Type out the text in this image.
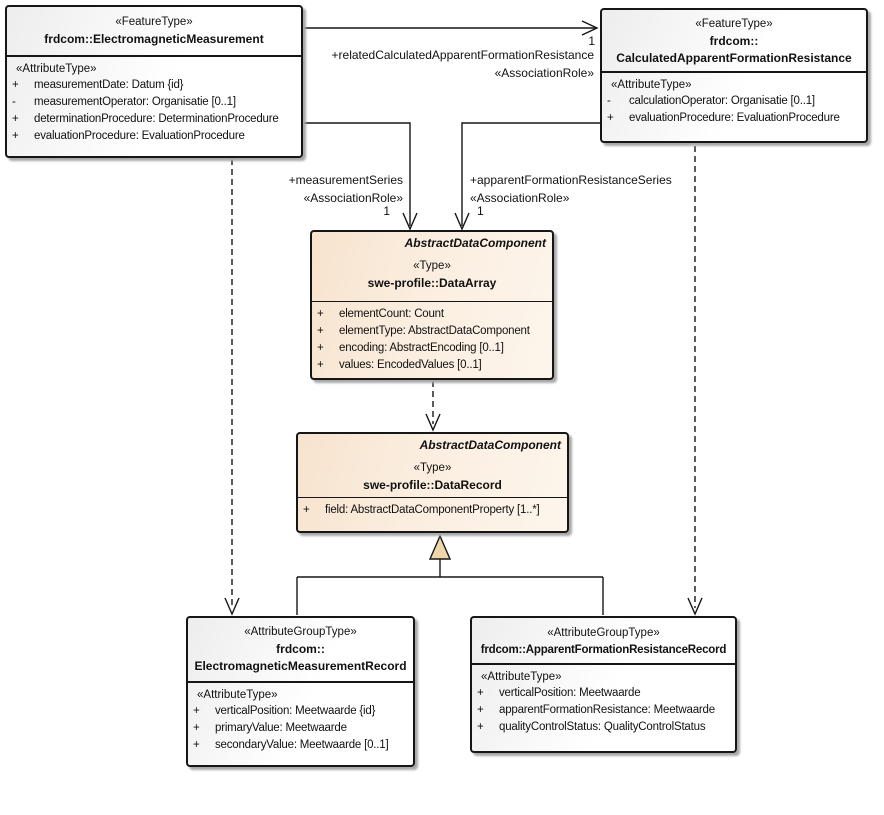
1
+relatedCalculatedApparentFormationResistance
«AssociationRole»
+measurementSeries
«AssociationRole»
1
+apparentFormationResistanceSeries
«AssociationRole»
1
«FeatureType»
frdcom::ElectromagneticMeasurement
«AttributeType»
+	measurementDate: Datum {id}
-	measurementOperator: Organisatie [0..1]
+	determinationProcedure: DeterminationProcedure
+	evaluationProcedure: EvaluationProcedure
«FeatureType»
frdcom::
CalculatedApparentFormationResistance
«AttributeType»
-	calculationOperator: Organisatie [0..1]
+	evaluationProcedure: EvaluationProcedure
AbstractDataComponent
«Type»
swe-profile::DataArray
+	elementCount: Count
+	elementType: AbstractDataComponent
+	encoding: AbstractEncoding [0..1]
+	values: EncodedValues [0..1]
AbstractDataComponent
«Type»
swe-profile::DataRecord
+	field: AbstractDataComponentProperty [1..*]
«AttributeGroupType»
frdcom::
ElectromagneticMeasurementRecord
«AttributeType»
+	verticalPosition: Meetwaarde {id}
+	primaryValue: Meetwaarde
+	secondaryValue: Meetwaarde [0..1]
«AttributeGroupType»
frdcom::ApparentFormationResistanceRecord
«AttributeType»
+	verticalPosition: Meetwaarde
+	apparentFormationResistance: Meetwaarde
+	qualityControlStatus: QualityControlStatus
